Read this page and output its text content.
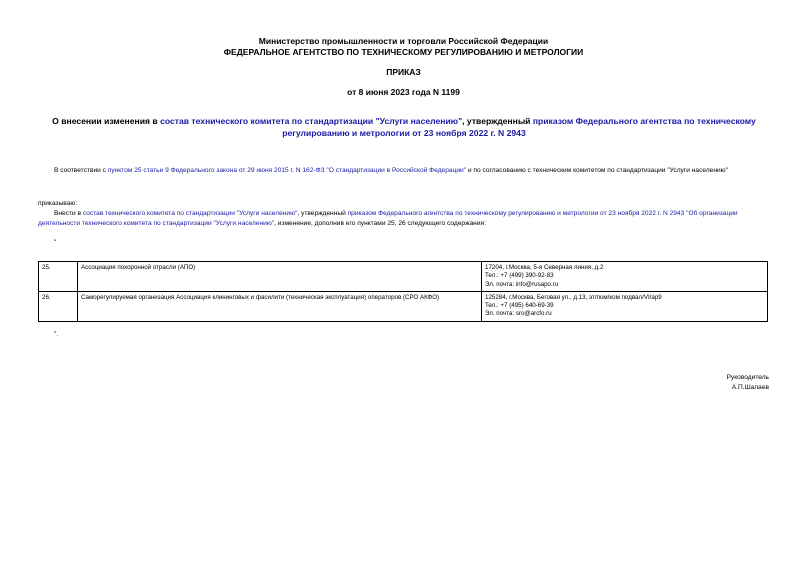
Министерство промышленности и торговли Российской Федерации
ФЕДЕРАЛЬНОЕ АГЕНТСТВО ПО ТЕХНИЧЕСКОМУ РЕГУЛИРОВАНИЮ И МЕТРОЛОГИИ
ПРИКАЗ
от 8 июня 2023 года N 1199
О внесении изменения в состав технического комитета по стандартизации "Услуги населению", утвержденный приказом Федерального агентства по техническому регулированию и метрологии от 23 ноября 2022 г. N 2943
В соответствии с пунктом 25 статьи 9 Федерального закона от 29 июня 2015 г. N 162-ФЗ "О стандартизации в Российской Федерации" и по согласованию с техническим комитетом по стандартизации "Услуги населению"
приказываю:
Внести в состав технического комитета по стандартизации "Услуги населению", утвержденный приказом Федерального агентства по техническому регулированию и метрологии от 23 ноября 2022 г. N 2943 "Об организации деятельности технического комитета по стандартизации "Услуги населению", изменение, дополнив его пунктами 25, 26 следующего содержания:
"
25.	Ассоциация похоронной отрасли (АПО)	17204, г.Москва, 5-я Северная линия, д.2
Тел.: +7 (499) 390-92-83
Эл. почта: info@rusapo.ru

26.	Саморегулируемая организация Ассоциация клининговых и фасилити (техническая эксплуатация) операторов (СРО АКФО)	125284, г.Москва, Беговая ул., д.13, эт/пом/ком подвал/VI/ар9
Тел.: +7 (495) 640-69-39
Эл. почта: sro@arcfo.ru
".
Руководитель
А.П.Шалаев
